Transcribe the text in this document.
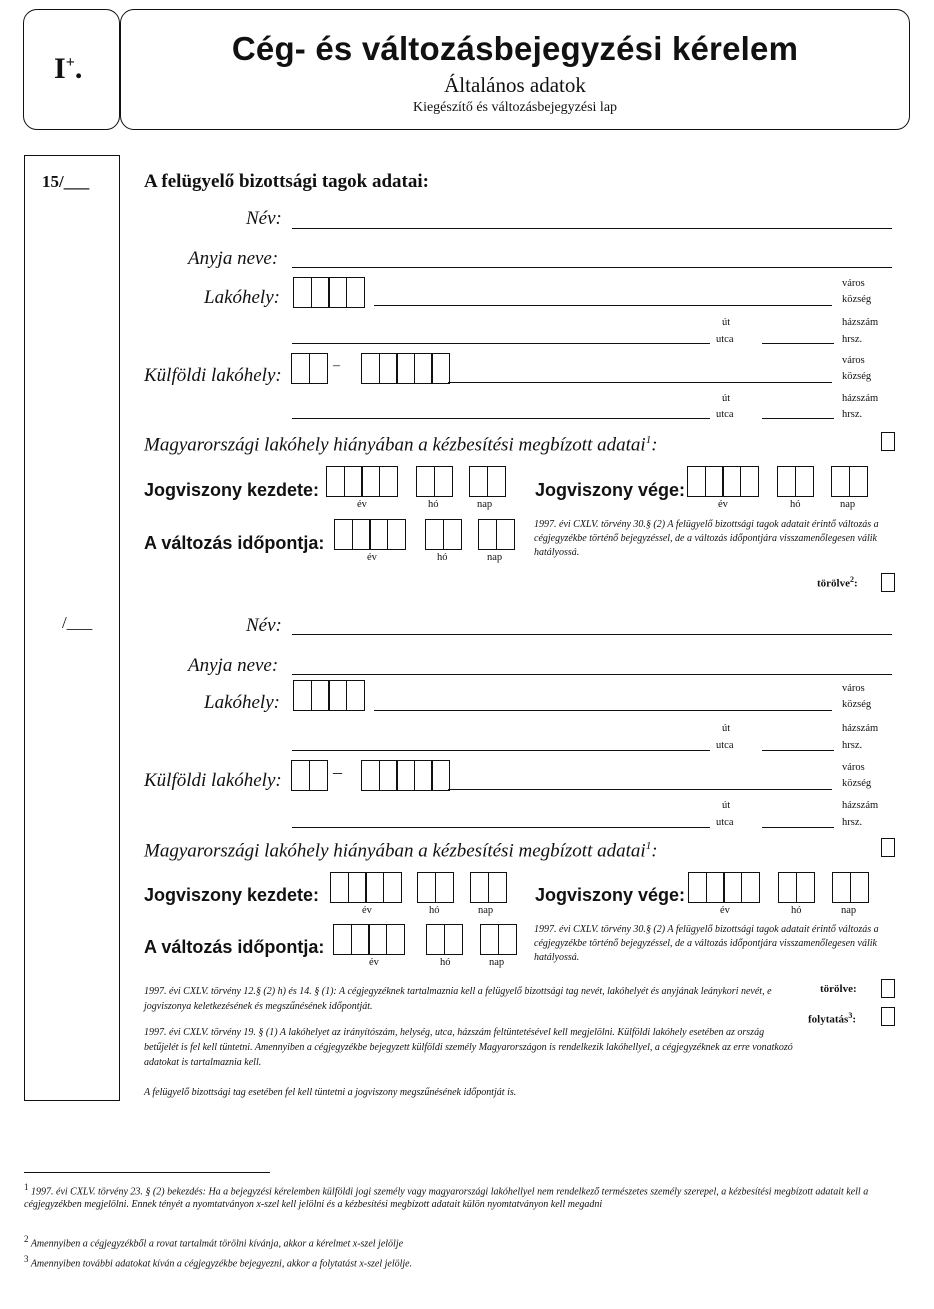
I+.
Cég- és változásbejegyzési kérelem
Általános adatok
Kiegészítő és változásbejegyzési lap
15/___
/___
A felügyelő bizottsági tagok adatai:
Név:
Anyja neve:
Lakóhely:
város
község
út
utca
házszám
hrsz.
Külföldi lakóhely:	–	város
község
út
utca
házszám
hrsz.
Magyarországi lakóhely hiányában a kézbesítési megbízott adatai$^1$:
Jogviszony kezdete:
év	hó	nap
Jogviszony vége:
év	hó	nap
A változás időpontja:
év	hó	nap
1997. évi CXLV. törvény 30.§ (2) A felügyelő bizottsági tagok adatait érintő változás a cégjegyzékbe történő bejegyzéssel, de a változás időpontjára visszamenőlegesen válik hatályossá.
törölve$^2$:
Név:
Anyja neve:
Lakóhely:
város
község
út
utca
házszám
hrsz.
Külföldi lakóhely:	–	város
község
út
utca
házszám
hrsz.
Magyarországi lakóhely hiányában a kézbesítési megbízott adatai$^1$:
Jogviszony kezdete:
év	hó	nap
Jogviszony vége:
év	hó	nap
A változás időpontja:
év	hó	nap
1997. évi CXLV. törvény 30.§ (2) A felügyelő bizottsági tagok adatait érintő változás a cégjegyzékbe történő bejegyzéssel, de a változás időpontjára visszamenőlegesen válik hatályossá.
1997. évi CXLV. törvény 12.§ (2) h) és 14. § (1): A cégjegyzéknek tartalmaznia kell a felügyelő bizottsági tag nevét, lakóhelyét és anyjának leánykori nevét, e jogviszonya keletkezésének és megszűnésének időpontját.
törölve:
folytatás$^3$:
1997. évi CXLV. törvény 19. § (1) A lakóhelyet az irányítószám, helység, utca, házszám feltüntetésével kell megjelölni. Külföldi lakóhely esetében az ország betűjelét is fel kell tüntetni. Amennyiben a cégjegyzékbe bejegyzett külföldi személy Magyarországon is rendelkezik lakóhellyel, a cégjegyzéknek az erre vonatkozó adatokat is tartalmaznia kell.
A felügyelő bizottsági tag esetében fel kell tüntetni a jogviszony megszűnésének időpontját is.
$^1$ 1997. évi CXLV. törvény 23. § (2) bekezdés: Ha a bejegyzési kérelemben külföldi jogi személy vagy magyarországi lakóhellyel nem rendelkező természetes személy szerepel, a kézbesítési megbízott adatait kell a cégjegyzékben megjelölni. Ennek tényét a nyomtatványon x-szel kell jelölni és a kézbesítési megbízott adatait külön nyomtatványon kell megadni
$^2$ Amennyiben a cégjegyzékből a rovat tartalmát törölni kívánja, akkor a kérelmet x-szel jelölje
$^3$ Amennyiben további adatokat kíván a cégjegyzékbe bejegyezni, akkor a folytatást x-szel jelölje.
